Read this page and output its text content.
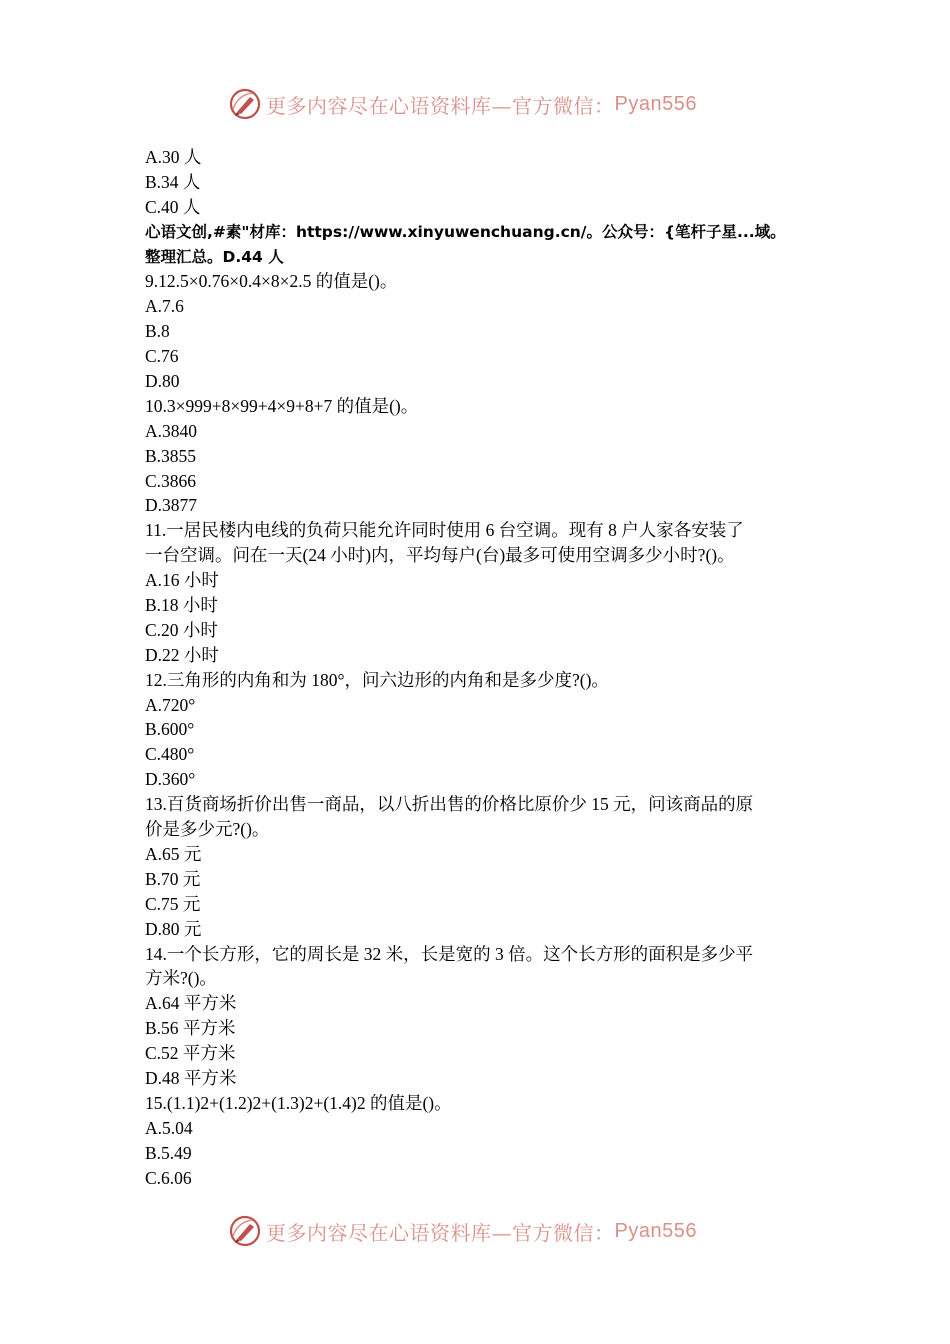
更多内容尽在心语资料库—官方微信： Pyan556
A.30 人
B.34 人
C.40 人
心语文创,#素"材库：https://www.xinyuwenchuang.cn/。公众号：{笔杆子星...域。
整理汇总。D.44 人
9.12.5×0.76×0.4×8×2.5 的值是()。
A.7.6
B.8
C.76
D.80
10.3×999+8×99+4×9+8+7 的值是()。
A.3840
B.3855
C.3866
D.3877
11.一居民楼内电线的负荷只能允许同时使用 6 台空调。现有 8 户人家各安装了
一台空调。问在一天(24 小时)内，平均每户(台)最多可使用空调多少小时?()。
A.16 小时
B.18 小时
C.20 小时
D.22 小时
12.三角形的内角和为 180°，问六边形的内角和是多少度?()。
A.720°
B.600°
C.480°
D.360°
13.百货商场折价出售一商品，以八折出售的价格比原价少 15 元，问该商品的原
价是多少元?()。
A.65 元
B.70 元
C.75 元
D.80 元
14.一个长方形，它的周长是 32 米，长是宽的 3 倍。这个长方形的面积是多少平
方米?()。
A.64 平方米
B.56 平方米
C.52 平方米
D.48 平方米
15.(1.1)2+(1.2)2+(1.3)2+(1.4)2 的值是()。
A.5.04
B.5.49
C.6.06
更多内容尽在心语资料库—官方微信： Pyan556
